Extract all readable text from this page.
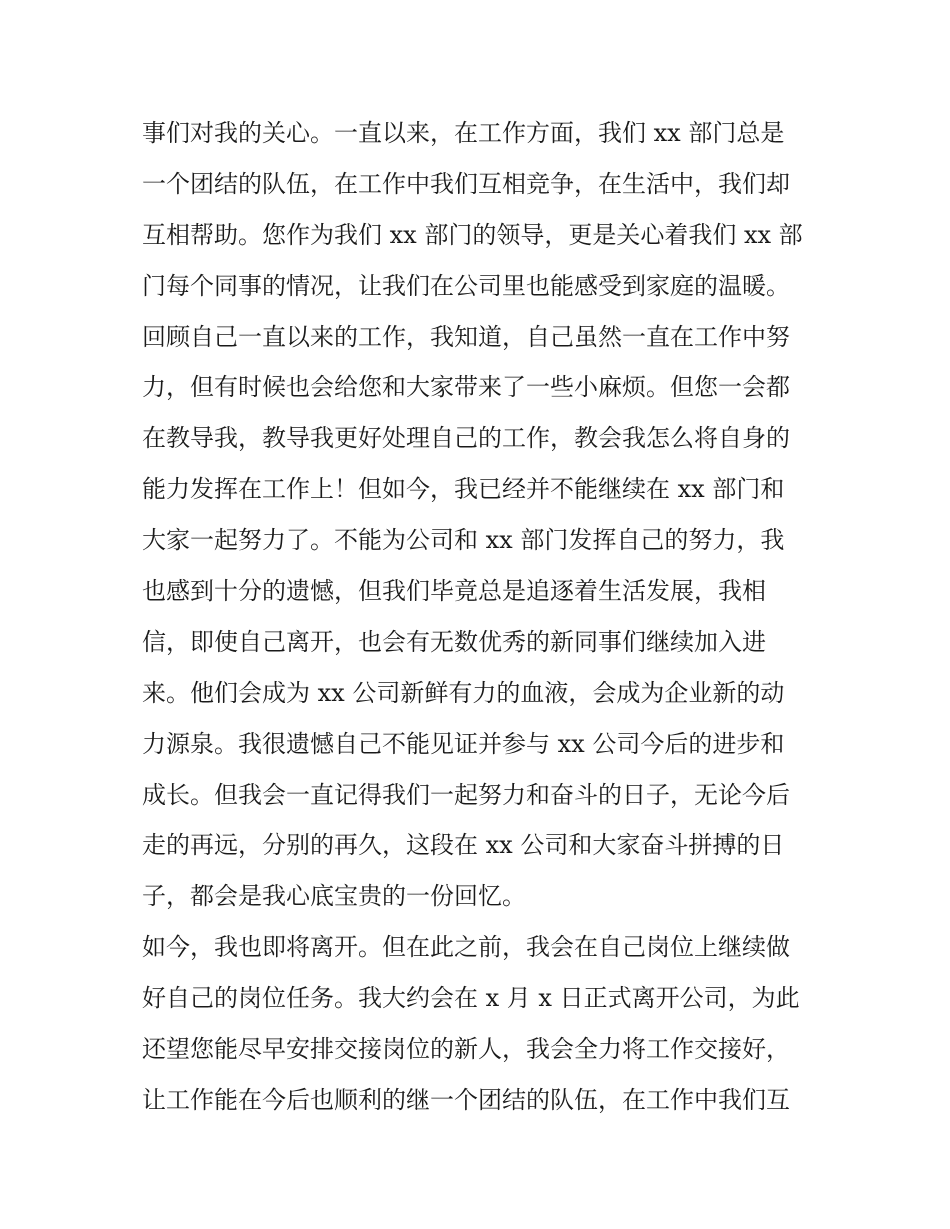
事们对我的关心。一直以来，在工作方面，我们 xx 部门总是
一个团结的队伍，在工作中我们互相竞争，在生活中，我们却
互相帮助。您作为我们 xx 部门的领导，更是关心着我们 xx 部
门每个同事的情况，让我们在公司里也能感受到家庭的温暖。
回顾自己一直以来的工作，我知道，自己虽然一直在工作中努
力，但有时候也会给您和大家带来了一些小麻烦。但您一会都
在教导我，教导我更好处理自己的工作，教会我怎么将自身的
能力发挥在工作上！但如今，我已经并不能继续在 xx 部门和
大家一起努力了。不能为公司和 xx 部门发挥自己的努力，我
也感到十分的遗憾，但我们毕竟总是追逐着生活发展，我相
信，即使自己离开，也会有无数优秀的新同事们继续加入进
来。他们会成为 xx 公司新鲜有力的血液，会成为企业新的动
力源泉。我很遗憾自己不能见证并参与 xx 公司今后的进步和
成长。但我会一直记得我们一起努力和奋斗的日子，无论今后
走的再远，分别的再久，这段在 xx 公司和大家奋斗拼搏的日
子，都会是我心底宝贵的一份回忆。
如今，我也即将离开。但在此之前，我会在自己岗位上继续做
好自己的岗位任务。我大约会在 x 月 x 日正式离开公司，为此
还望您能尽早安排交接岗位的新人，我会全力将工作交接好，
让工作能在今后也顺利的继一个团结的队伍，在工作中我们互
